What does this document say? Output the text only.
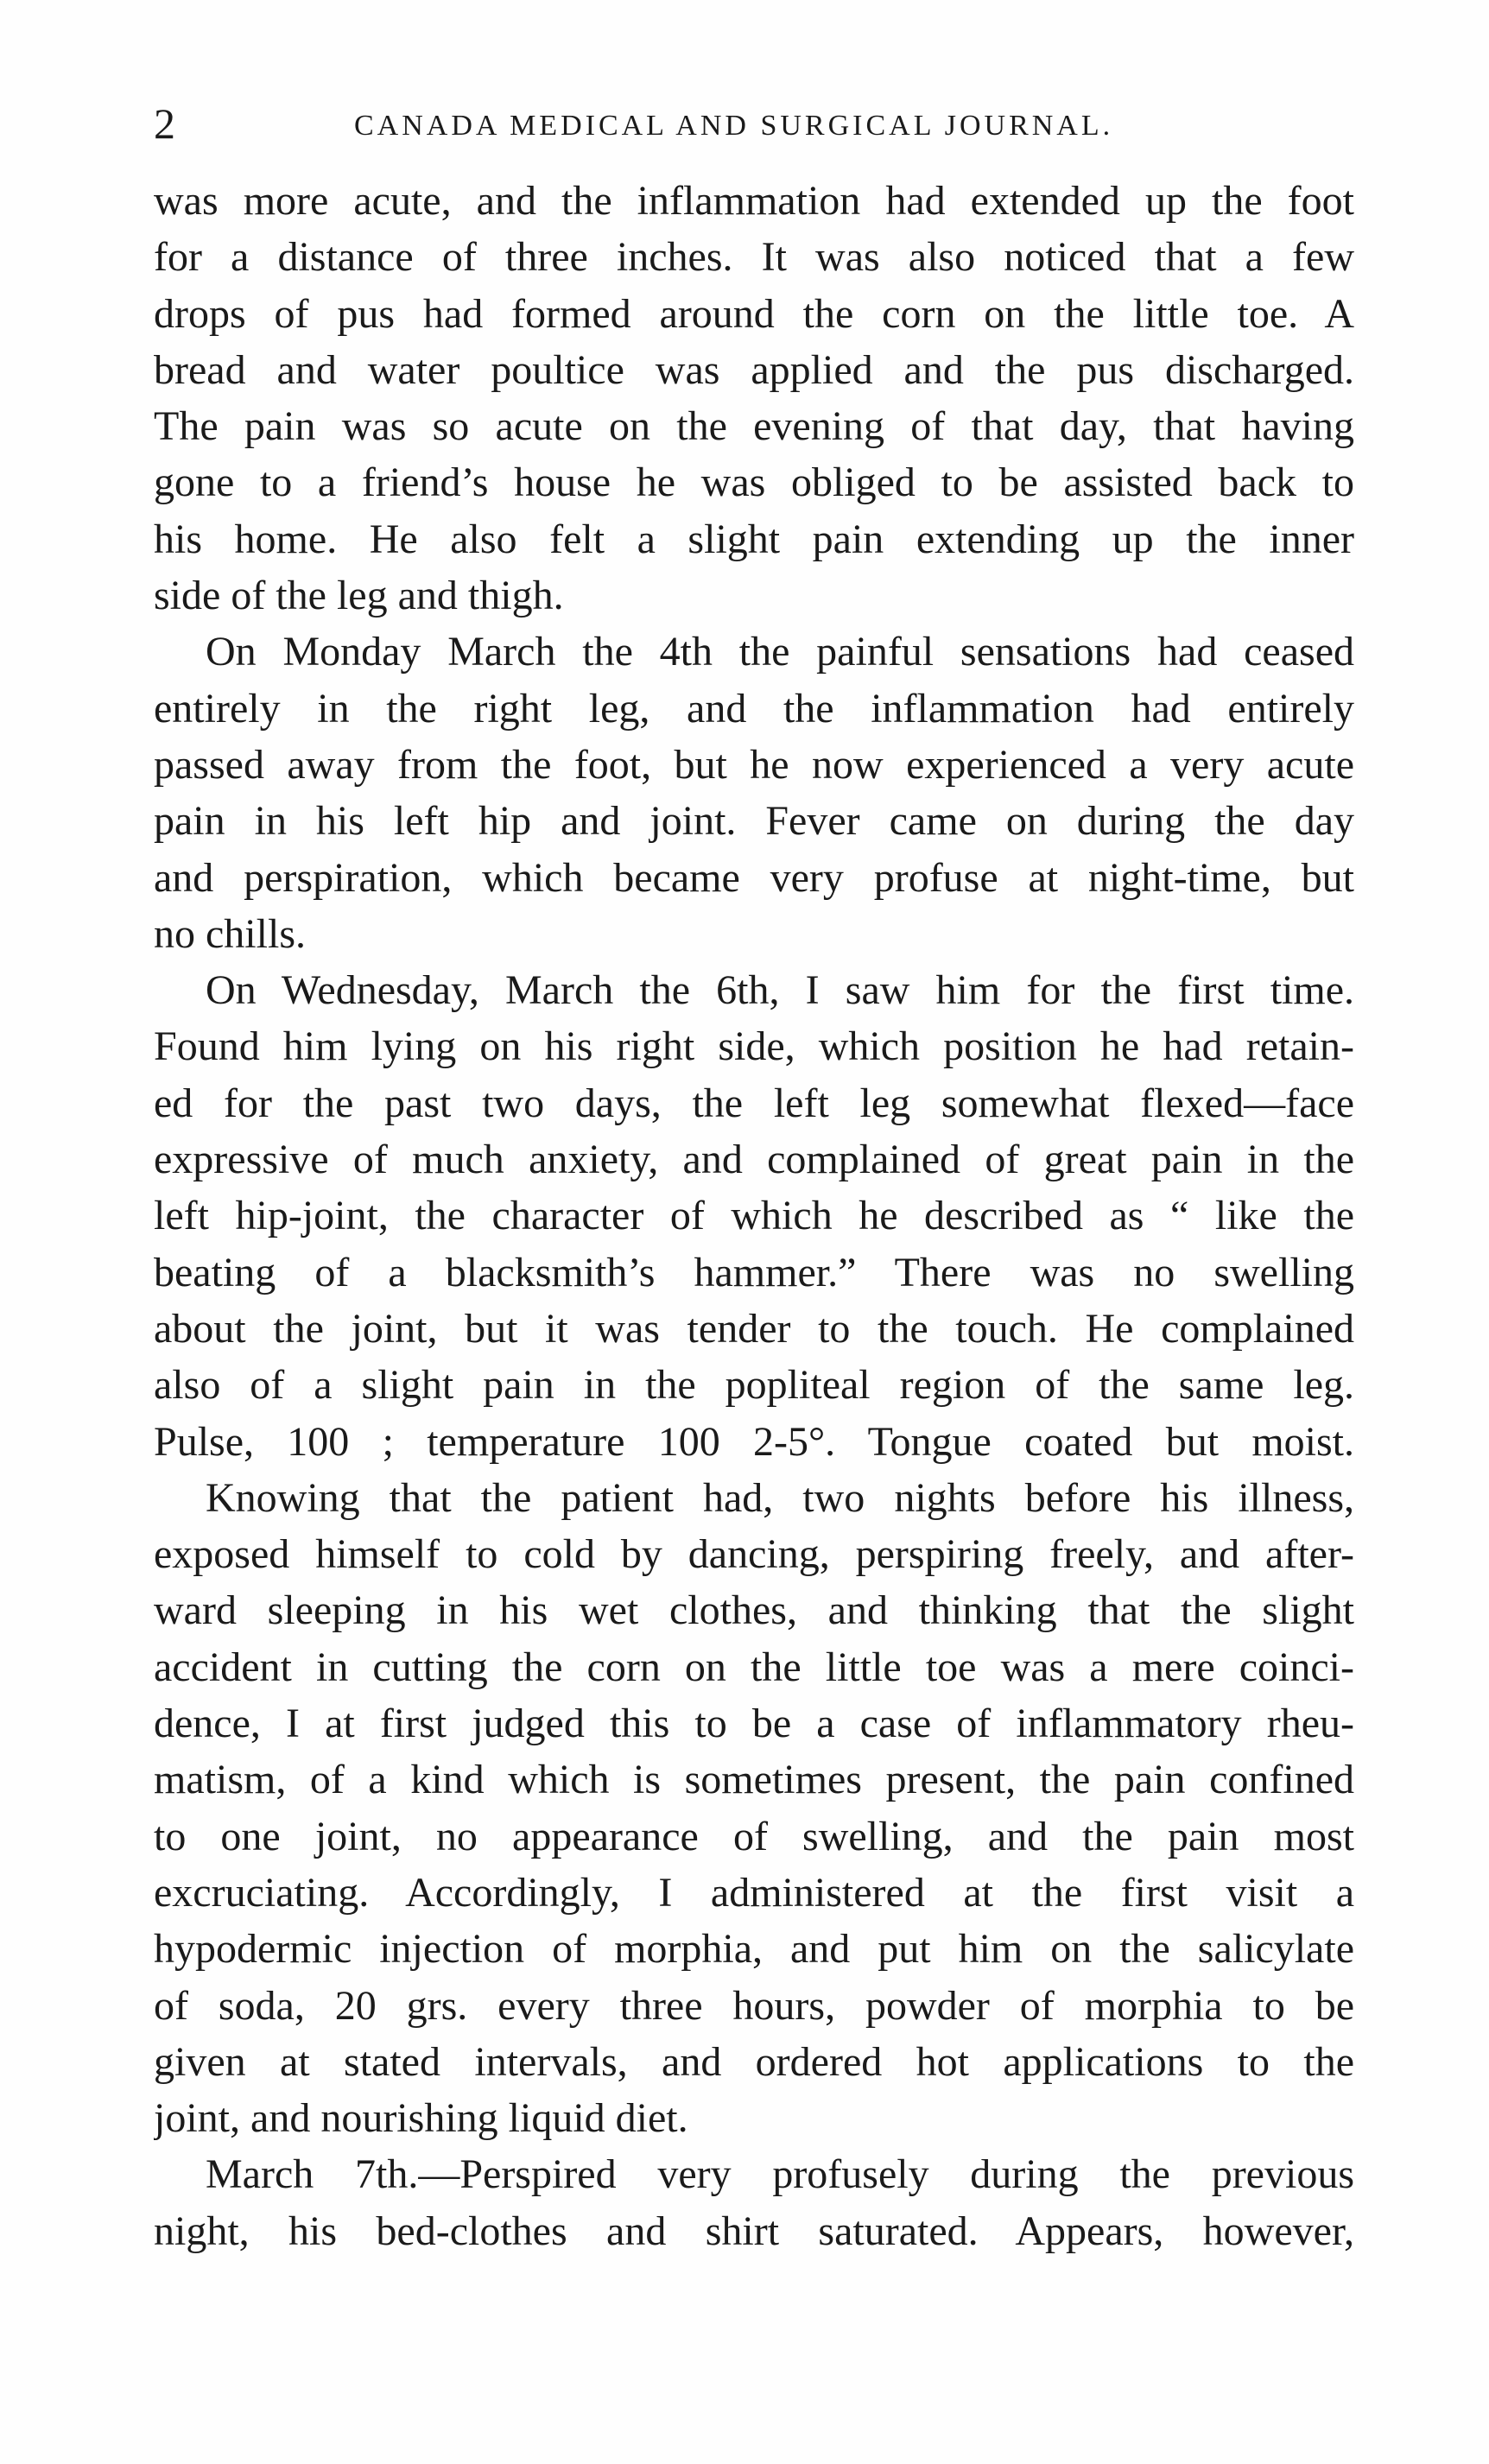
2	CANADA MEDICAL AND SURGICAL JOURNAL.
was more acute, and the inflammation had extended up the foot
for a distance of three inches. It was also noticed that a few
drops of pus had formed around the corn on the little toe. A
bread and water poultice was applied and the pus discharged.
The pain was so acute on the evening of that day, that having
gone to a friend’s house he was obliged to be assisted back to
his home. He also felt a slight pain extending up the inner
side of the leg and thigh.
On Monday March the 4th the painful sensations had ceased
entirely in the right leg, and the inflammation had entirely
passed away from the foot, but he now experienced a very acute
pain in his left hip and joint. Fever came on during the day
and perspiration, which became very profuse at night-time, but
no chills.
On Wednesday, March the 6th, I saw him for the first time.
Found him lying on his right side, which position he had retain-
ed for the past two days, the left leg somewhat flexed—face
expressive of much anxiety, and complained of great pain in the
left hip-joint, the character of which he described as “ like the
beating of a blacksmith’s hammer.” There was no swelling
about the joint, but it was tender to the touch. He complained
also of a slight pain in the popliteal region of the same leg.
Pulse, 100 ; temperature 100 2-5°. Tongue coated but moist.
Knowing that the patient had, two nights before his illness,
exposed himself to cold by dancing, perspiring freely, and after-
ward sleeping in his wet clothes, and thinking that the slight
accident in cutting the corn on the little toe was a mere coinci-
dence, I at first judged this to be a case of inflammatory rheu-
matism, of a kind which is sometimes present, the pain confined
to one joint, no appearance of swelling, and the pain most
excruciating. Accordingly, I administered at the first visit a
hypodermic injection of morphia, and put him on the salicylate
of soda, 20 grs. every three hours, powder of morphia to be
given at stated intervals, and ordered hot applications to the
joint, and nourishing liquid diet.
March 7th.—Perspired very profusely during the previous
night, his bed-clothes and shirt saturated. Appears, however,
